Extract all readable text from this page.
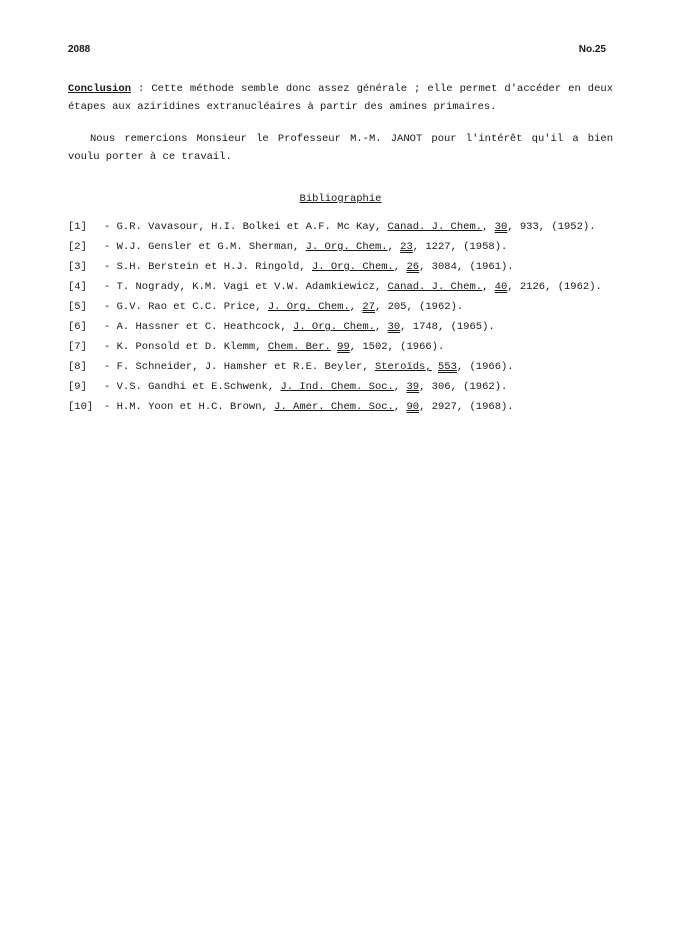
2088	No.25

Conclusion : Cette méthode semble donc assez générale ; elle permet d'accéder en deux étapes aux aziridines extranucléaires à partir des amines primaires.

Nous remercions Monsieur le Professeur M.-M. JANOT pour l'intérêt qu'il a bien voulu porter à ce travail.

Bibliographie
[1]	- G.R. Vavasour, H.I. Bolkei et A.F. Mc Kay, Canad. J. Chem., 30, 933, (1952).
[2]	- W.J. Gensler et G.M. Sherman, J. Org. Chem., 23, 1227, (1958).
[3]	- S.H. Berstein et H.J. Ringold, J. Org. Chem., 26, 3084, (1961).
[4]	- T. Nogrady, K.M. Vagi et V.W. Adamkiewicz, Canad. J. Chem., 40, 2126, (1962).
[5]	- G.V. Rao et C.C. Price, J. Org. Chem., 27, 205, (1962).
[6]	- A. Hassner et C. Heathcock, J. Org. Chem., 30, 1748, (1965).
[7]	- K. Ponsold et D. Klemm, Chem. Ber. 99, 1502, (1966).
[8]	- F. Schneider, J. Hamsher et R.E. Beyler, Steroïds, 553, (1966).
[9]	- V.S. Gandhi et E.Schwenk, J. Ind. Chem. Soc., 39, 306, (1962).
[10]	- H.M. Yoon et H.C. Brown, J. Amer. Chem. Soc., 90, 2927, (1968).
